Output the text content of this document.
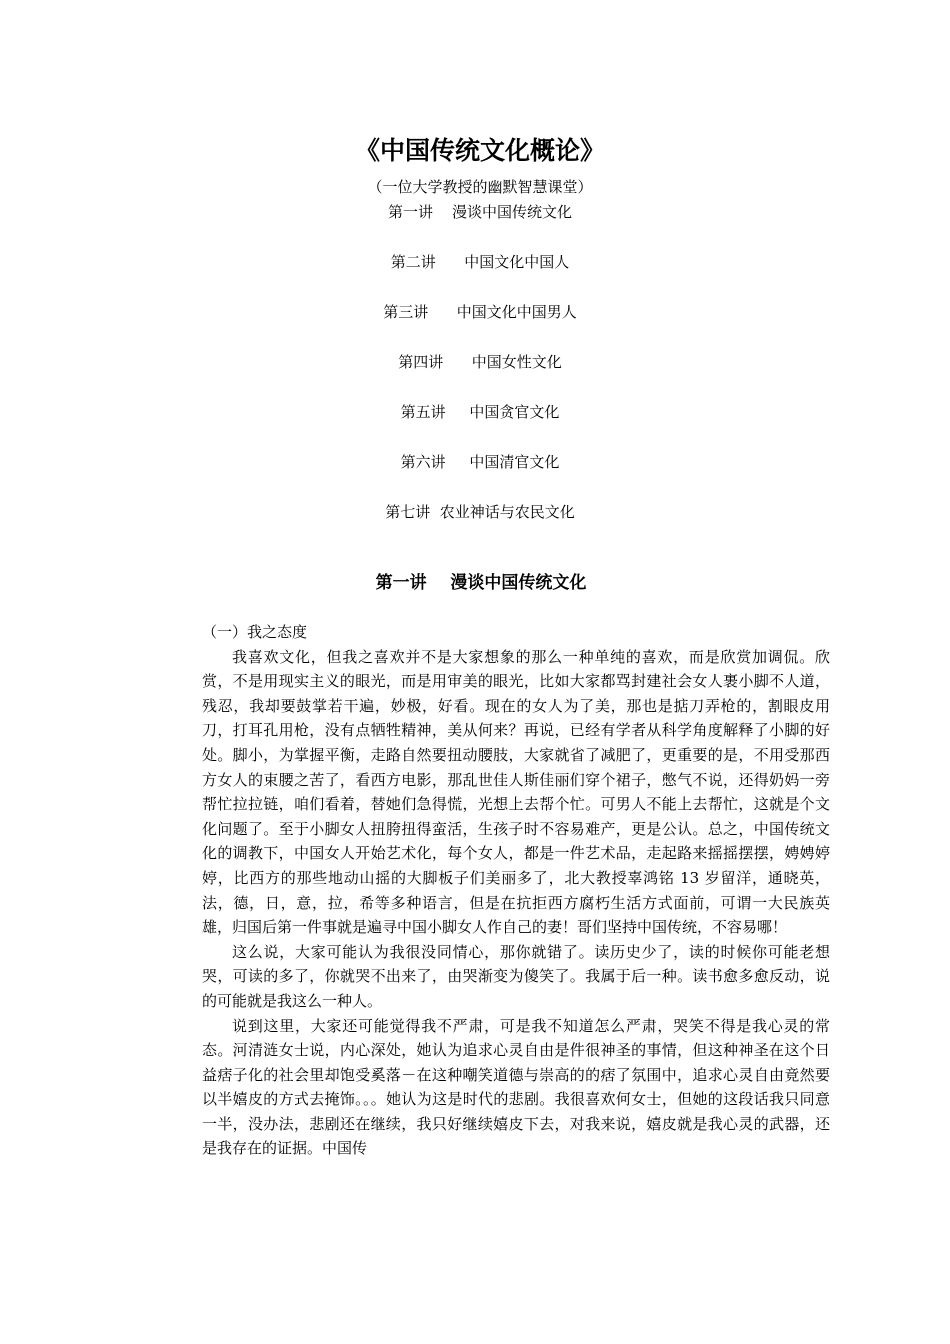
《中国传统文化概论》
（一位大学教授的幽默智慧课堂）
第一讲    漫谈中国传统文化
第二讲      中国文化中国人
第三讲      中国文化中国男人
第四讲      中国女性文化
第五讲     中国贪官文化
第六讲     中国清官文化
第七讲  农业神话与农民文化
第一讲    漫谈中国传统文化

（一）我之态度

我喜欢文化，但我之喜欢并不是大家想象的那么一种单纯的喜欢，而是欣赏加调侃。欣赏，不是用现实主义的眼光，而是用审美的眼光，比如大家都骂封建社会女人裹小脚不人道，残忍，我却要鼓掌若干遍，妙极，好看。现在的女人为了美，那也是掂刀弄枪的，割眼皮用刀，打耳孔用枪，没有点牺牲精神，美从何来？再说，已经有学者从科学角度解释了小脚的好处。脚小，为掌握平衡，走路自然要扭动腰肢，大家就省了减肥了，更重要的是，不用受那西方女人的束腰之苦了，看西方电影，那乱世佳人斯佳丽们穿个裙子，憋气不说，还得奶妈一旁帮忙拉拉链，咱们看着，替她们急得慌，光想上去帮个忙。可男人不能上去帮忙，这就是个文化问题了。至于小脚女人扭胯扭得蛮活，生孩子时不容易难产，更是公认。总之，中国传统文化的调教下，中国女人开始艺术化，每个女人，都是一件艺术品，走起路来摇摇摆摆，娉娉婷婷，比西方的那些地动山摇的大脚板子们美丽多了，北大教授辜鸿铭 13 岁留洋，通晓英，法，德，日，意，拉，希等多种语言，但是在抗拒西方腐朽生活方式面前，可谓一大民族英雄，归国后第一件事就是遍寻中国小脚女人作自己的妻！哥们坚持中国传统，不容易哪！

这么说，大家可能认为我很没同情心，那你就错了。读历史少了，读的时候你可能老想哭，可读的多了，你就哭不出来了，由哭渐变为傻笑了。我属于后一种。读书愈多愈反动，说的可能就是我这么一种人。

说到这里，大家还可能觉得我不严肃，可是我不知道怎么严肃，哭笑不得是我心灵的常态。河清涟女士说，内心深处，她认为追求心灵自由是件很神圣的事情，但这种神圣在这个日益痞子化的社会里却饱受奚落－在这种嘲笑道德与崇高的的痞了氛围中，追求心灵自由竟然要以半嬉皮的方式去掩饰。。。她认为这是时代的悲剧。我很喜欢何女士，但她的这段话我只同意一半，没办法，悲剧还在继续，我只好继续嬉皮下去，对我来说，嬉皮就是我心灵的武器，还是我存在的证据。中国传
